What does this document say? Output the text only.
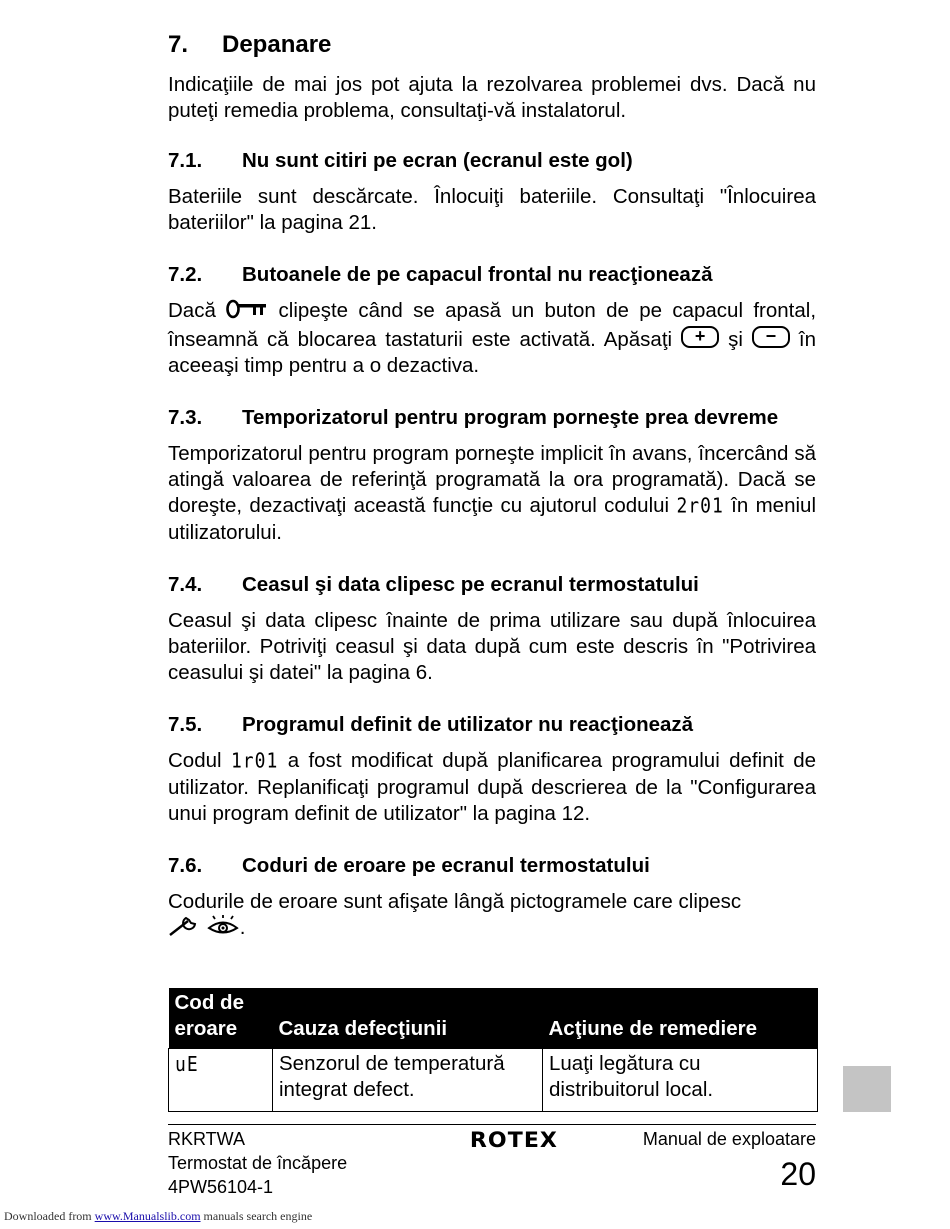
7.	Depanare

Indicaţiile de mai jos pot ajuta la rezolvarea problemei dvs. Dacă nu puteţi remedia problema, consultaţi-vă instalatorul.

7.1.	Nu sunt citiri pe ecran (ecranul este gol)

Bateriile sunt descărcate. Înlocuiţi bateriile. Consultaţi "Înlocuirea bateriilor" la pagina 21.

7.2.	Butoanele de pe capacul frontal nu reacţionează

Dacă	clipeşte când se apasă un buton de pe capacul frontal, înseamnă că blocarea tastaturii este activată. Apăsaţi	+	şi	−	în aceeaşi timp pentru a o dezactiva.

7.3.	Temporizatorul pentru program porneşte prea devreme

Temporizatorul pentru program porneşte implicit în avans, încercând să atingă valoarea de referinţă programată la ora programată). Dacă se doreşte, dezactivaţi această funcţie cu ajutorul codului 2r01 în meniul utilizatorului.

7.4.	Ceasul şi data clipesc pe ecranul termostatului

Ceasul şi data clipesc înainte de prima utilizare sau după înlocuirea bateriilor. Potriviţi ceasul şi data după cum este descris în "Potrivirea ceasului şi datei" la pagina 6.

7.5.	Programul definit de utilizator nu reacţionează

Codul 1r01 a fost modificat după planificarea programului definit de utilizator. Replanificaţi programul după descrierea de la "Configurarea unui program definit de utilizator" la pagina 12.

7.6.	Coduri de eroare pe ecranul termostatului

Codurile de eroare sunt afişate lângă pictogramele care clipesc
.

Cod de eroare	Cauza defecţiunii	Acţiune de remediere
uE	Senzorul de temperatură integrat defect.	Luaţi legătura cu distribuitorul local.
RKRTWA
Termostat de încăpere
4PW56104-1
ROTEX	Manual de exploatare
20
Downloaded from www.Manualslib.com manuals search engine
